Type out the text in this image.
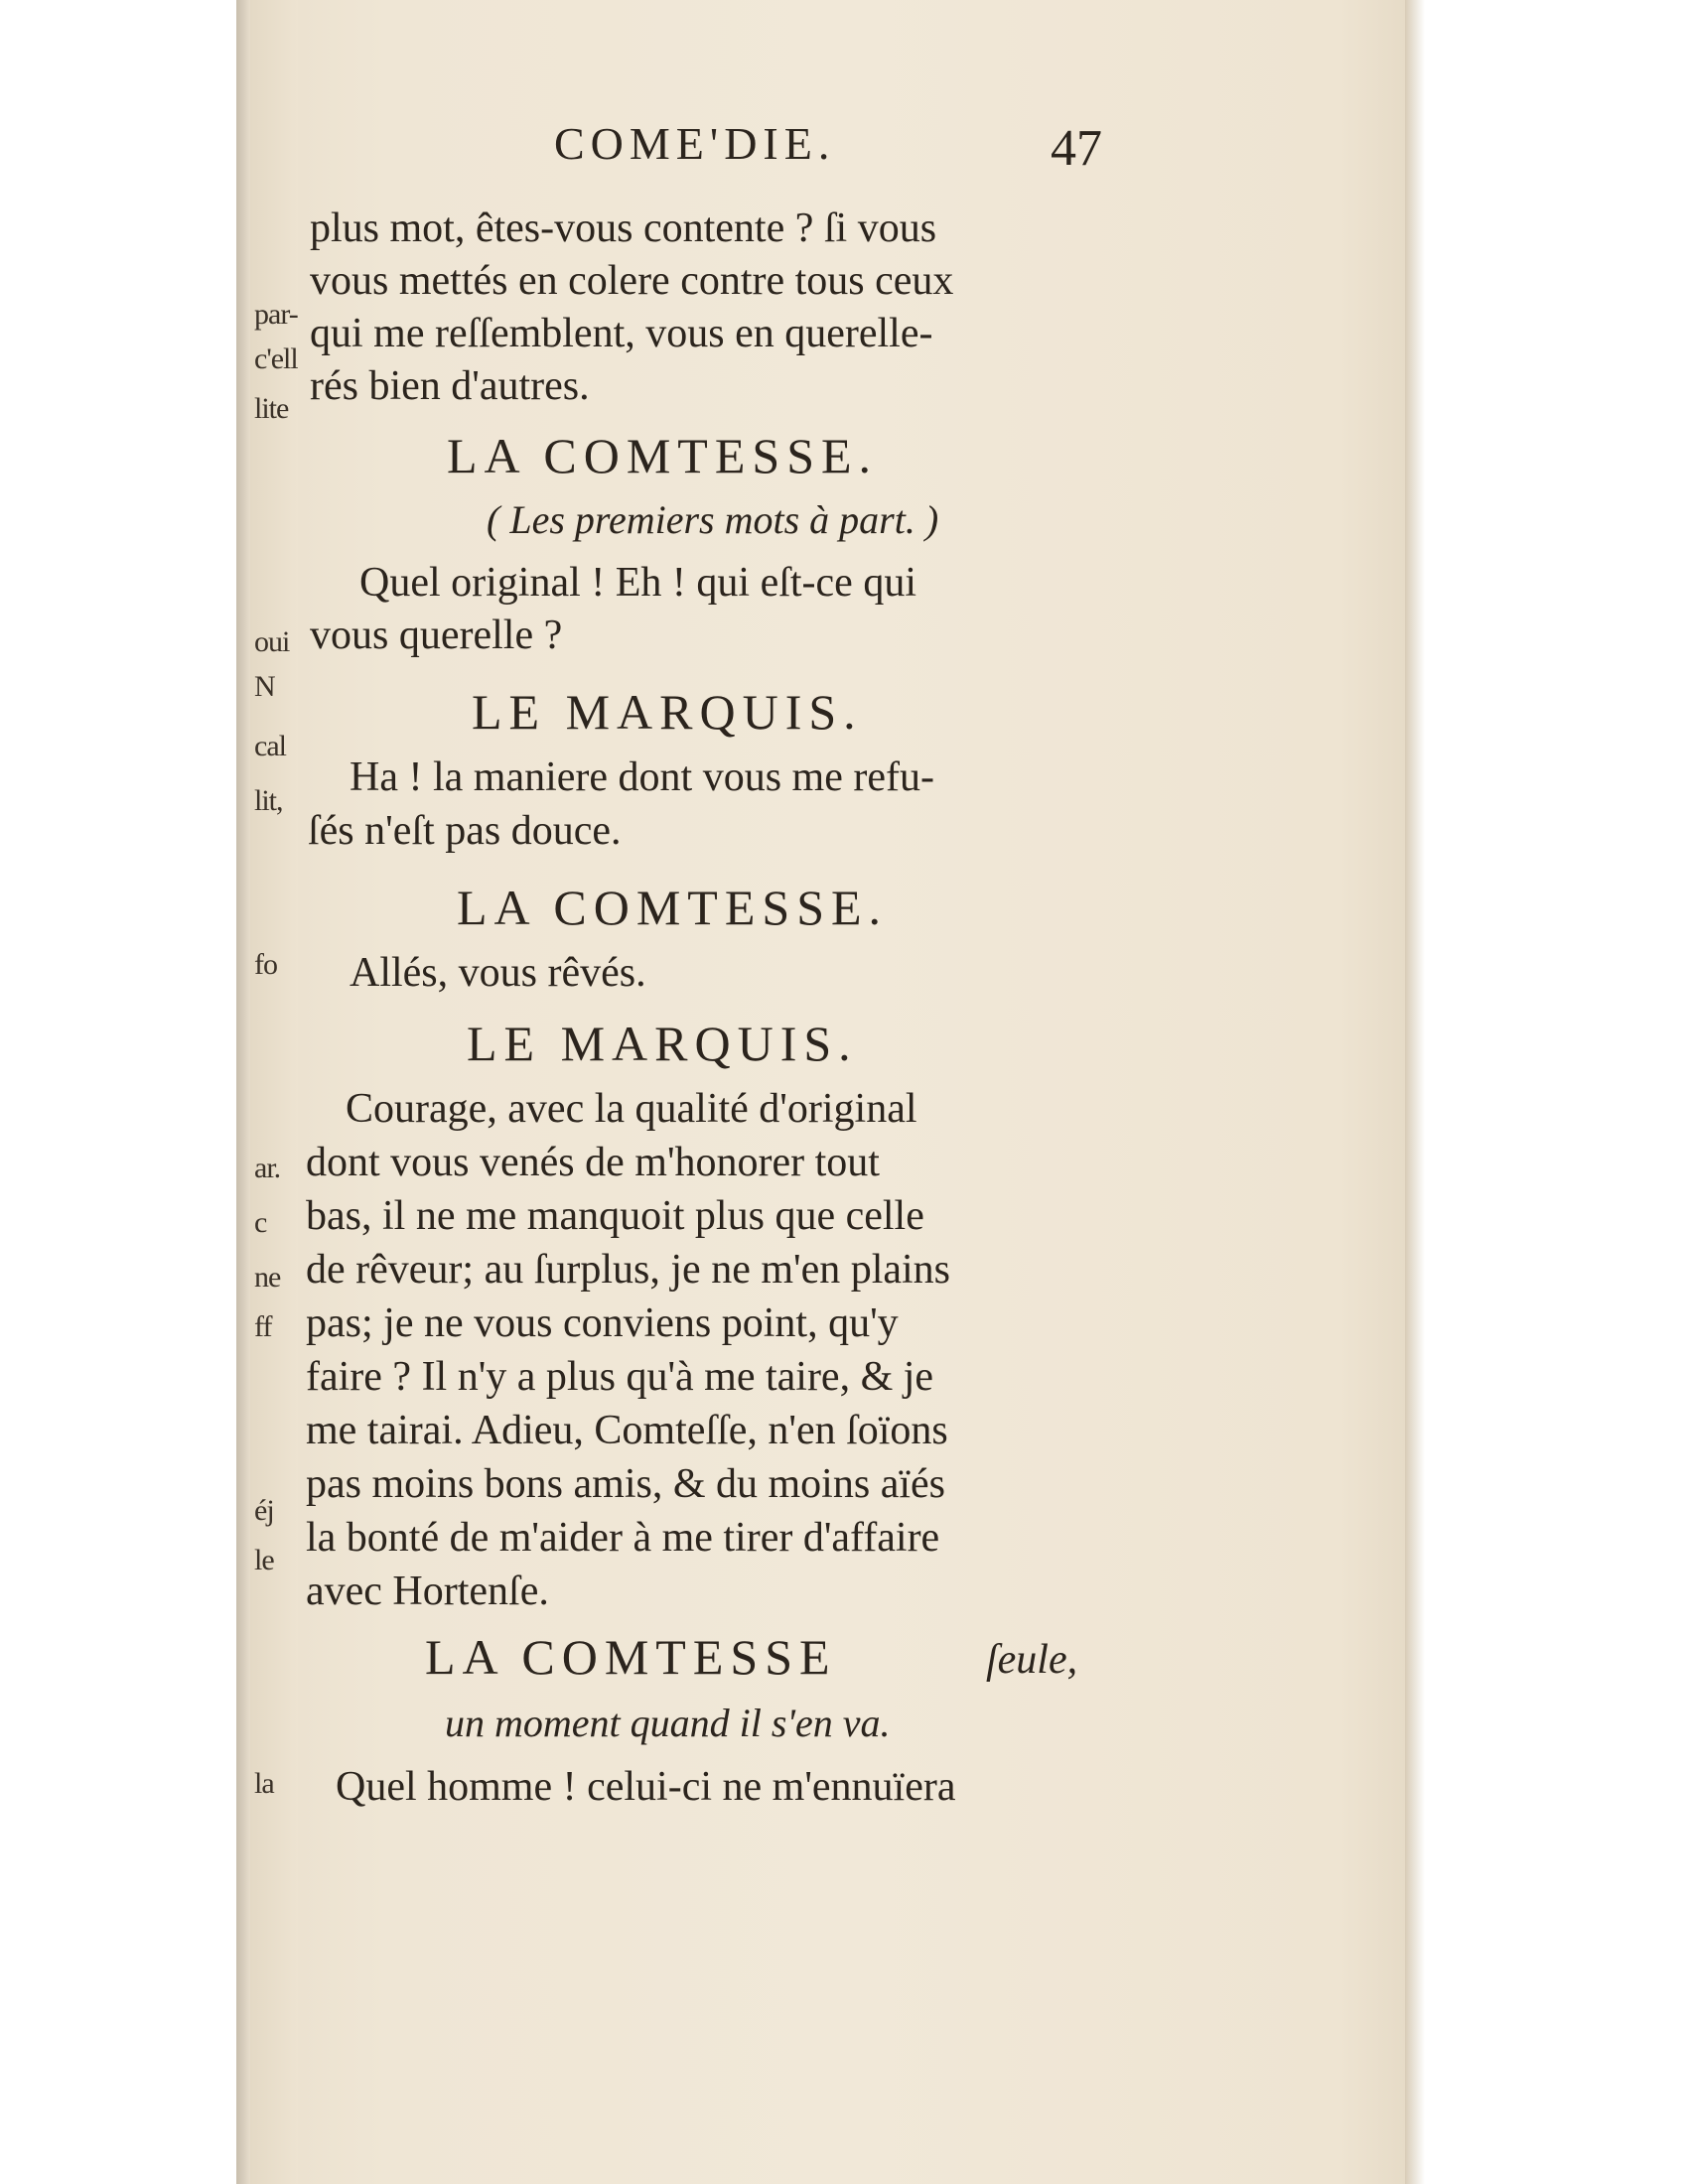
par-
c'ell
lite
oui
N
cal
lit,
fo
ar.
c
ne
ff
éj
le
la
COME'DIE.	47
plus mot, êtes-vous contente ? ſi vous
vous mettés en colere contre tous ceux
qui me reſſemblent, vous en querelle-
rés bien d'autres.
LA COMTESSE.
( Les premiers mots à part. )
Quel original ! Eh ! qui eſt-ce qui
vous querelle ?
LE MARQUIS.
Ha ! la maniere dont vous me refu-
ſés n'eſt pas douce.
LA COMTESSE.
Allés, vous rêvés.
LE MARQUIS.
Courage, avec la qualité d'original
dont vous venés de m'honorer tout
bas, il ne me manquoit plus que celle
de rêveur; au ſurplus, je ne m'en plains
pas; je ne vous conviens point, qu'y
faire ? Il n'y a plus qu'à me taire, & je
me tairai. Adieu, Comteſſe, n'en ſoïons
pas moins bons amis, & du moins aïés
la bonté de m'aider à me tirer d'affaire
avec Hortenſe.
LA COMTESSE	ſeule,
un moment quand il s'en va.
Quel homme ! celui-ci ne m'ennuïera
